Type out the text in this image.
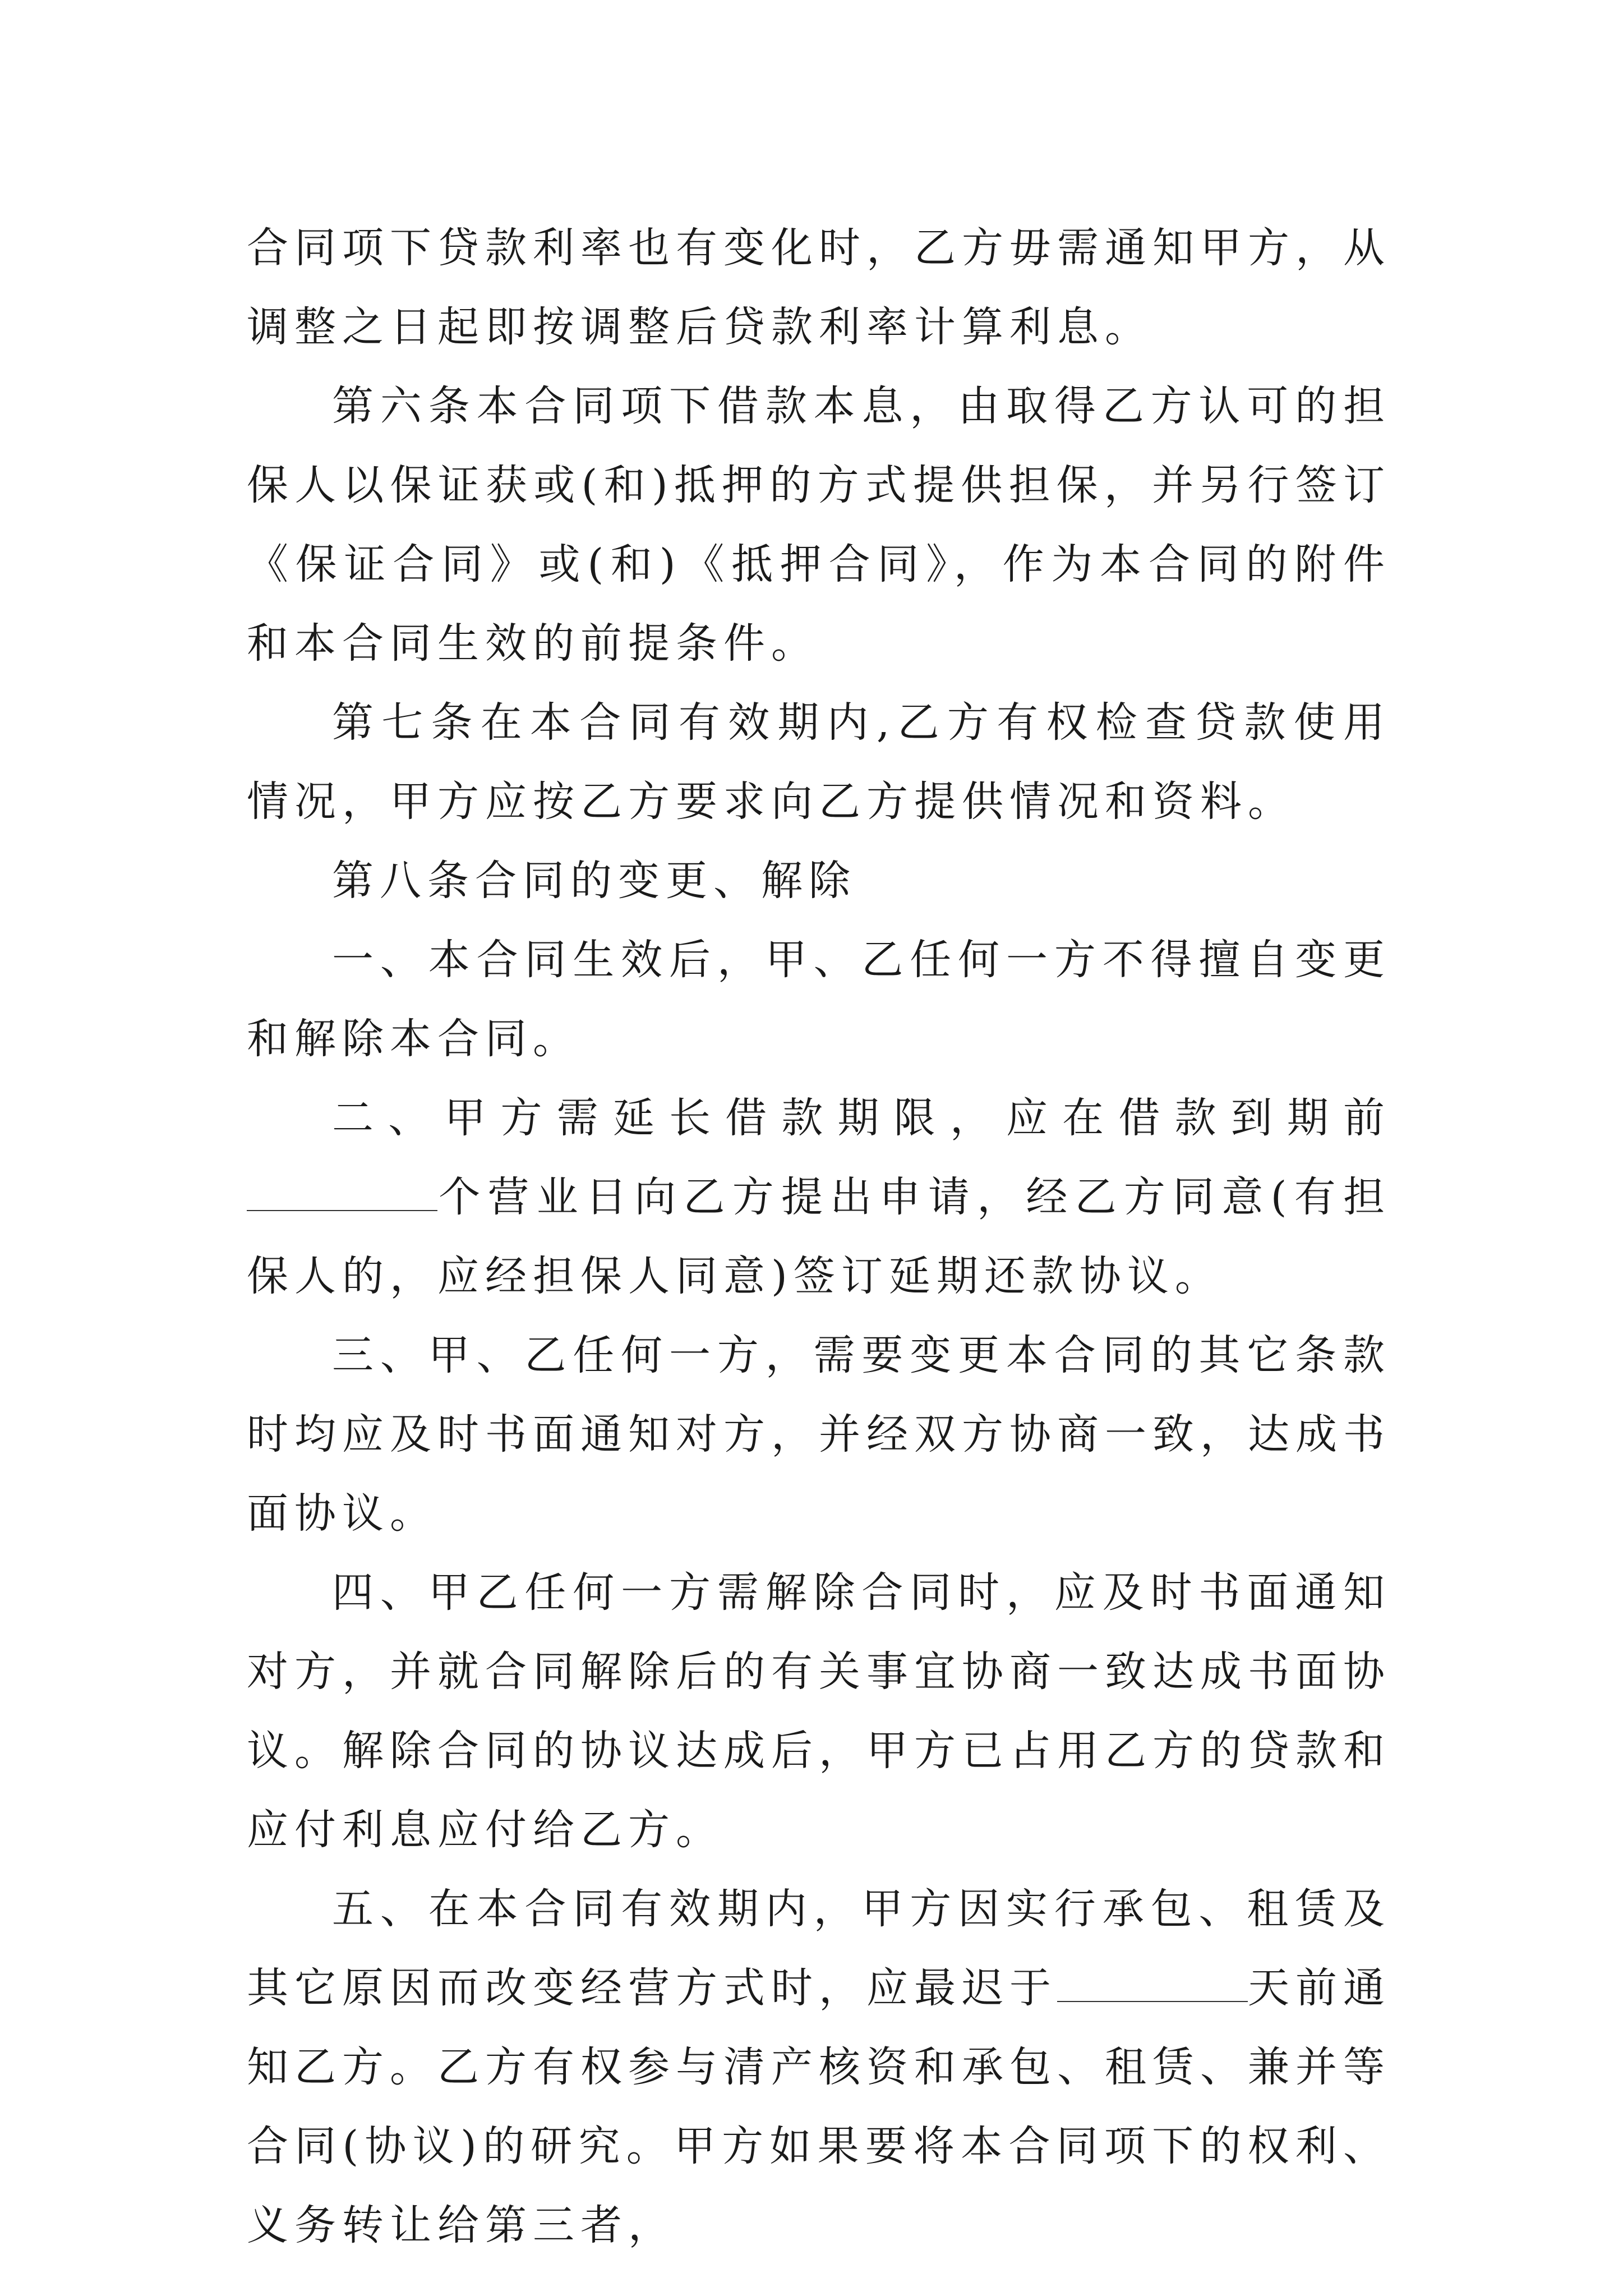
合同项下贷款利率也有变化时，乙方毋需通知甲方，从调整之日起即按调整后贷款利率计算利息。

第六条本合同项下借款本息，由取得乙方认可的担保人以保证获或(和)抵押的方式提供担保，并另行签订《保证合同》或(和)《抵押合同》，作为本合同的附件和本合同生效的前提条件。

第七条在本合同有效期内,乙方有权检查贷款使用情况，甲方应按乙方要求向乙方提供情况和资料。

第八条合同的变更、解除

一、本合同生效后，甲、乙任何一方不得擅自变更和解除本合同。

二、甲方需延长借款期限，应在借款到期前个营业日向乙方提出申请，经乙方同意(有担保人的，应经担保人同意)签订延期还款协议。

三、甲、乙任何一方，需要变更本合同的其它条款时均应及时书面通知对方，并经双方协商一致，达成书面协议。

四、甲乙任何一方需解除合同时，应及时书面通知对方，并就合同解除后的有关事宜协商一致达成书面协议。解除合同的协议达成后，甲方已占用乙方的贷款和应付利息应付给乙方。

五、在本合同有效期内，甲方因实行承包、租赁及其它原因而改变经营方式时，应最迟于	天前通知乙方。乙方有权参与清产核资和承包、租赁、兼并等合同(协议)的研究。甲方如果要将本合同项下的权利、义务转让给第三者，
